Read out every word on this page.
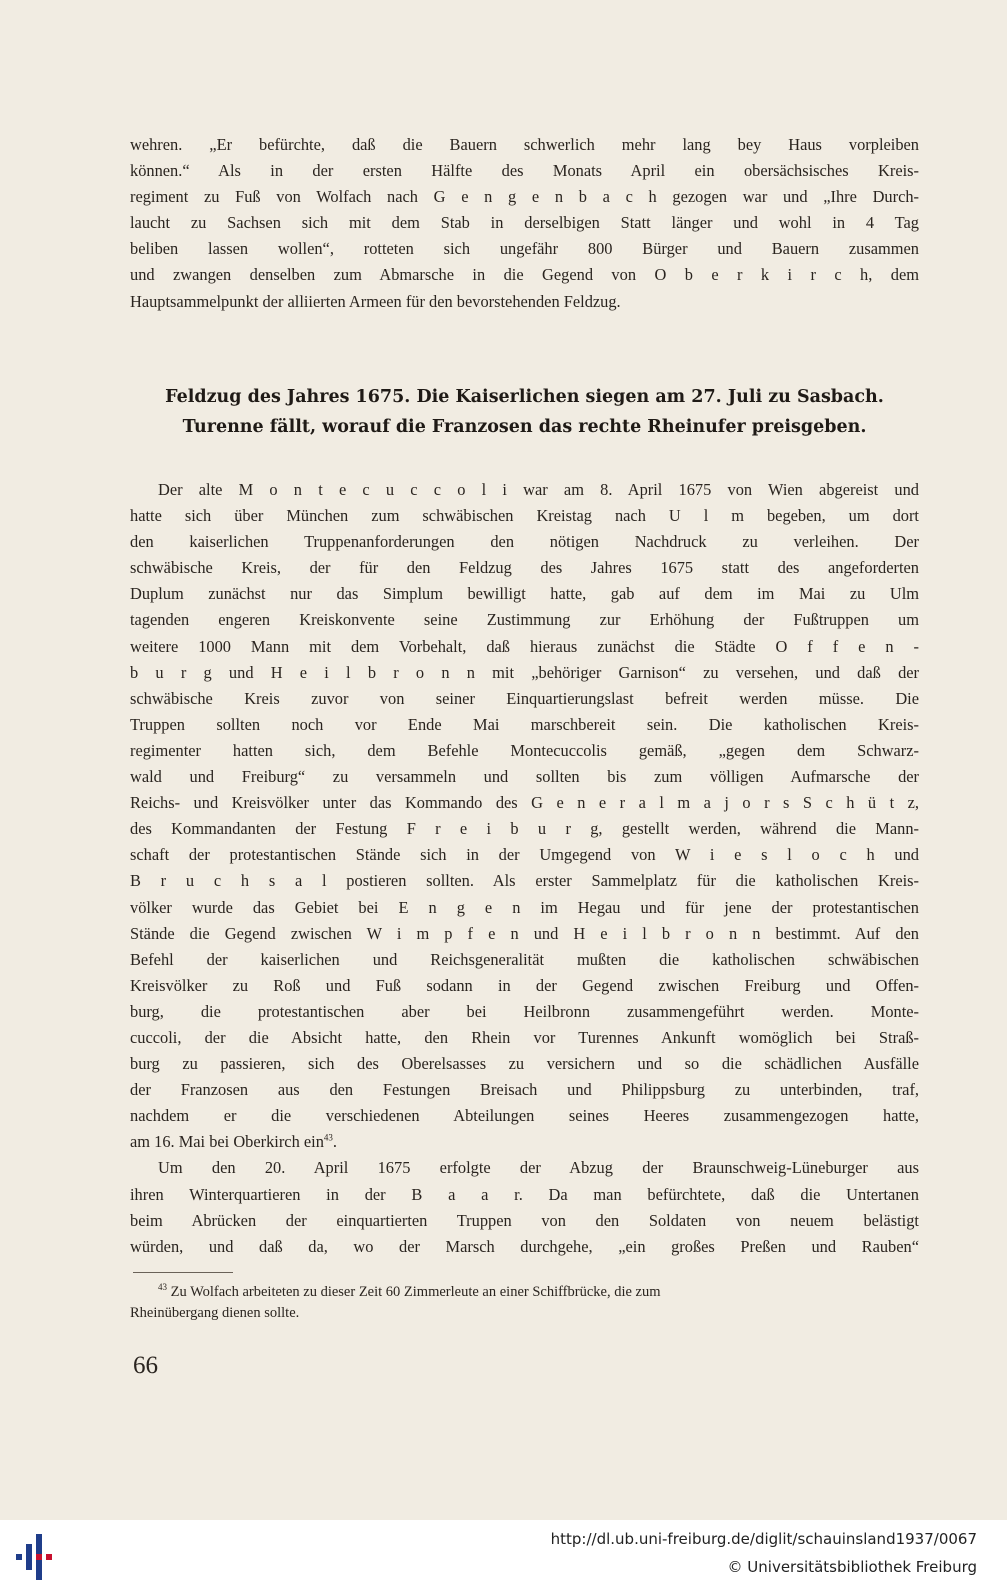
wehren. „Er befürchte, daß die Bauern schwerlich mehr lang bey Haus vorpleiben
können.“ Als in der ersten Hälfte des Monats April ein obersächsisches Kreis-
regiment zu Fuß von Wolfach nach G e n g e n b a c h gezogen war und „Ihre Durch-
laucht zu Sachsen sich mit dem Stab in derselbigen Statt länger und wohl in 4 Tag
beliben lassen wollen“, rotteten sich ungefähr 800 Bürger und Bauern zusammen
und zwangen denselben zum Abmarsche in die Gegend von O b e r k i r c h, dem
Hauptsammelpunkt der alliierten Armeen für den bevorstehenden Feldzug.
Feldzug des Jahres 1675. Die Kaiserlichen siegen am 27. Juli zu Sasbach.
Turenne fällt, worauf die Franzosen das rechte Rheinufer preisgeben.
Der alte M o n t e c u c c o l i war am 8. April 1675 von Wien abgereist und
hatte sich über München zum schwäbischen Kreistag nach U l m begeben, um dort
den kaiserlichen Truppenanforderungen den nötigen Nachdruck zu verleihen. Der
schwäbische Kreis, der für den Feldzug des Jahres 1675 statt des angeforderten
Duplum zunächst nur das Simplum bewilligt hatte, gab auf dem im Mai zu Ulm
tagenden engeren Kreiskonvente seine Zustimmung zur Erhöhung der Fußtruppen um
weitere 1000 Mann mit dem Vorbehalt, daß hieraus zunächst die Städte O f f e n -
b u r g und H e i l b r o n n mit „behöriger Garnison“ zu versehen, und daß der
schwäbische Kreis zuvor von seiner Einquartierungslast befreit werden müsse. Die
Truppen sollten noch vor Ende Mai marschbereit sein. Die katholischen Kreis-
regimenter hatten sich, dem Befehle Montecuccolis gemäß, „gegen dem Schwarz-
wald und Freiburg“ zu versammeln und sollten bis zum völligen Aufmarsche der
Reichs- und Kreisvölker unter das Kommando des G e n e r a l m a j o r s S c h ü t z,
des Kommandanten der Festung F r e i b u r g, gestellt werden, während die Mann-
schaft der protestantischen Stände sich in der Umgegend von W i e s l o c h und
B r u c h s a l postieren sollten. Als erster Sammelplatz für die katholischen Kreis-
völker wurde das Gebiet bei E n g e n im Hegau und für jene der protestantischen
Stände die Gegend zwischen W i m p f e n und H e i l b r o n n bestimmt. Auf den
Befehl der kaiserlichen und Reichsgeneralität mußten die katholischen schwäbischen
Kreisvölker zu Roß und Fuß sodann in der Gegend zwischen Freiburg und Offen-
burg, die protestantischen aber bei Heilbronn zusammengeführt werden. Monte-
cuccoli, der die Absicht hatte, den Rhein vor Turennes Ankunft womöglich bei Straß-
burg zu passieren, sich des Oberelsasses zu versichern und so die schädlichen Ausfälle
der Franzosen aus den Festungen Breisach und Philippsburg zu unterbinden, traf,
nachdem er die verschiedenen Abteilungen seines Heeres zusammengezogen hatte,
am 16. Mai bei Oberkirch ein$^{43}$.
Um den 20. April 1675 erfolgte der Abzug der Braunschweig-Lüneburger aus
ihren Winterquartieren in der B a a r. Da man befürchtete, daß die Untertanen
beim Abrücken der einquartierten Truppen von den Soldaten von neuem belästigt
würden, und daß da, wo der Marsch durchgehe, „ein großes Preßen und Rauben“
$^{43}$ Zu Wolfach arbeiteten zu dieser Zeit 60 Zimmerleute an einer Schiffbrücke, die zum
Rheinübergang dienen sollte.
66
http://dl.ub.uni-freiburg.de/diglit/schauinsland1937/0067
© Universitätsbibliothek Freiburg
